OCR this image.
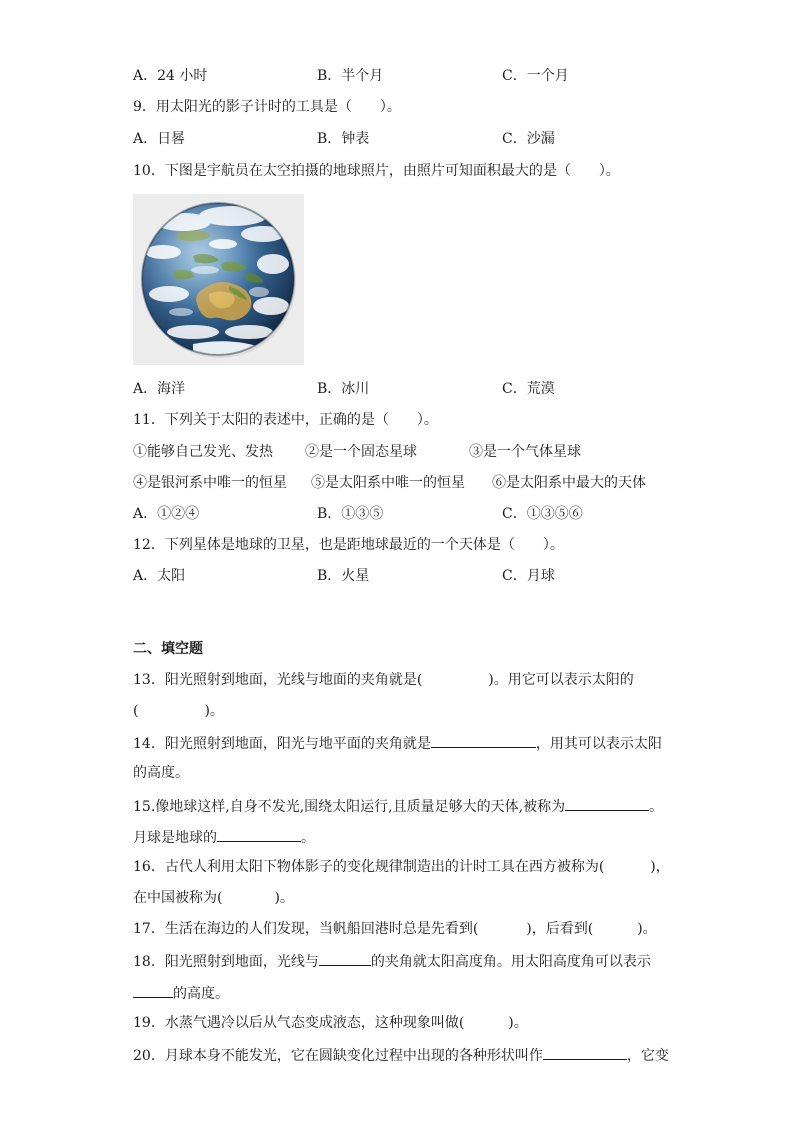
A．24 小时	B．半个月	C．一个月
9．用太阳光的影子计时的工具是（　　）。
A．日晷	B．钟表	C．沙漏
10．下图是宇航员在太空拍摄的地球照片，由照片可知面积最大的是（　　）。
A．海洋	B．冰川	C．荒漠
11．下列关于太阳的表述中，正确的是（　　）。
①能够自己发光、发热 ②是一个固态星球	③是一个气体星球
④是银河系中唯一的恒星 ⑤是太阳系中唯一的恒星 ⑥是太阳系中最大的天体
A．①②④	B．①③⑤	C．①③⑤⑥
12．下列星体是地球的卫星，也是距地球最近的一个天体是（　　）。
A．太阳	B．火星	C．月球
二、填空题
13．阳光照射到地面，光线与地面的夹角就是(	)。用它可以表示太阳的
(	)。
14．阳光照射到地面，阳光与地平面的夹角就是	，用其可以表示太阳
的高度。
15.像地球这样,自身不发光,围绕太阳运行,且质量足够大的天体,被称为	。
月球是地球的	。
16．古代人利用太阳下物体影子的变化规律制造出的计时工具在西方被称为(	)，
在中国被称为(	)。
17．生活在海边的人们发现，当帆船回港时总是先看到(	)，后看到(	)。
18．阳光照射到地面，光线与	的夹角就太阳高度角。用太阳高度角可以表示
的高度。
19．水蒸气遇冷以后从气态变成液态，这种现象叫做(	)。
20．月球本身不能发光，它在圆缺变化过程中出现的各种形状叫作	，它变
